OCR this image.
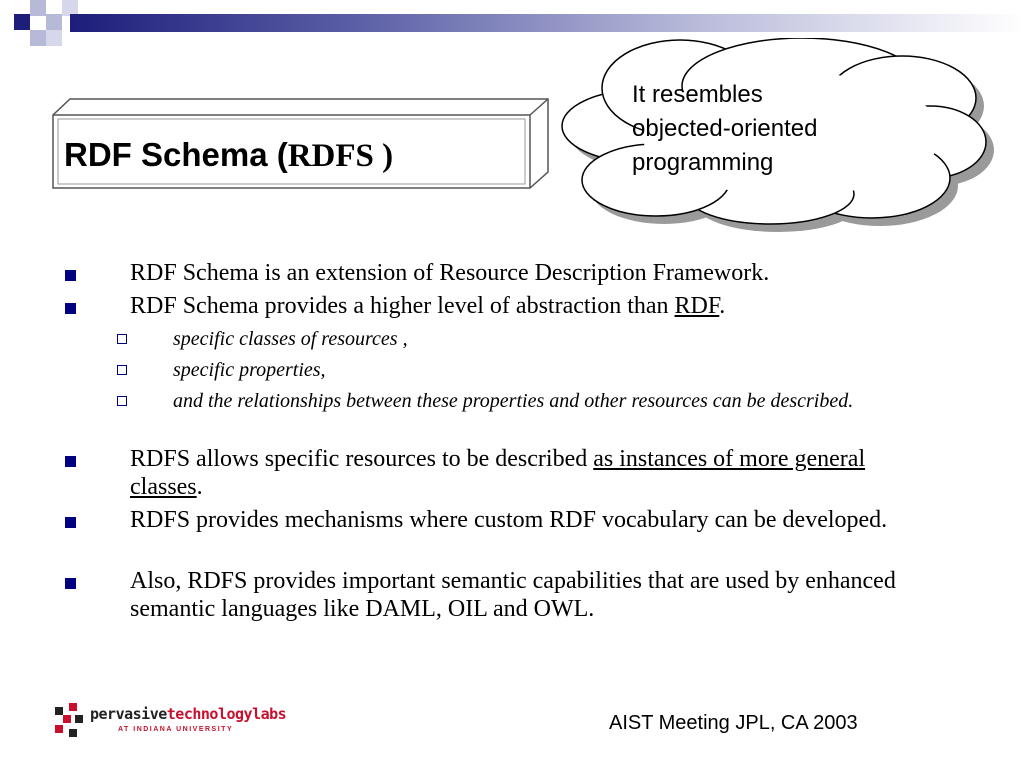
RDF Schema (RDFS )
It resembles
objected-oriented
programming
RDF Schema is an extension of Resource Description Framework.
RDF Schema provides a higher level of abstraction than RDF.
specific classes of resources ,
specific properties,
and the relationships between these properties and other resources can be described.
RDFS allows specific resources to be described as instances of more general classes.
RDFS provides mechanisms where custom RDF vocabulary can be developed.
Also, RDFS provides important semantic capabilities that are used by enhanced semantic languages like DAML, OIL and OWL.
pervasivetechnologylabs
AT INDIANA UNIVERSITY	AIST Meeting JPL, CA 2003
